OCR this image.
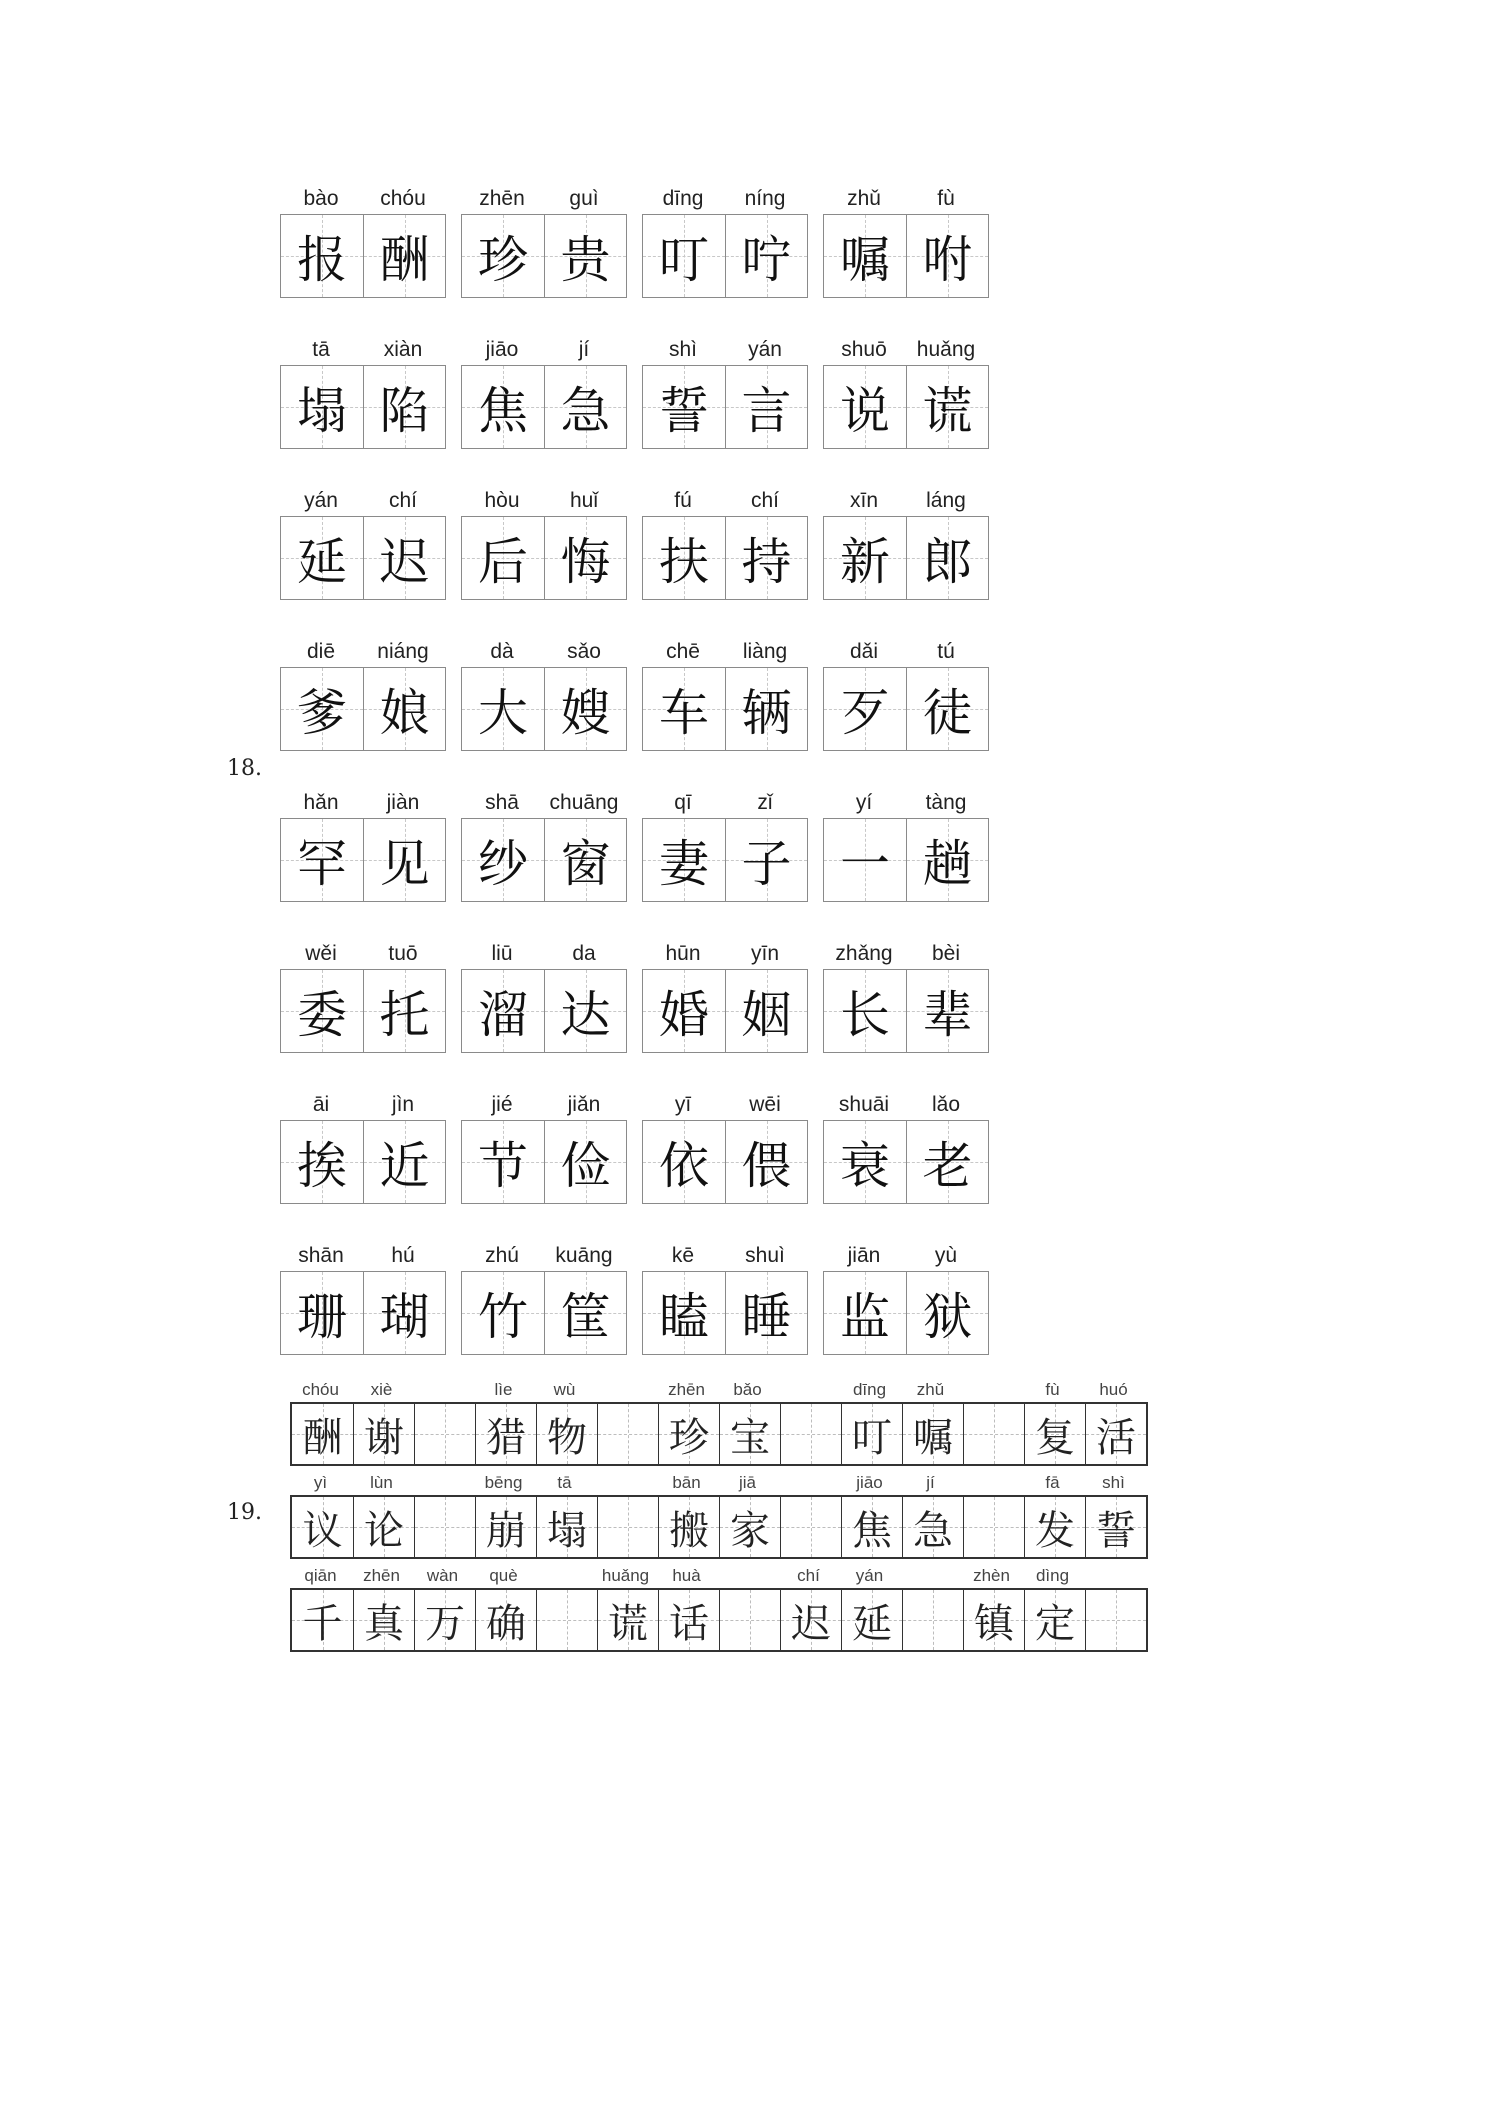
18.
bào	chóu
报 酬
zhēn	guì
珍 贵
dīng	níng
叮 咛
zhǔ	fù
嘱 咐
tā	xiàn
塌 陷
jiāo	jí
焦 急
shì	yán
誓 言
shuō	huǎng
说 谎
yán	chí
延 迟
hòu	huǐ
后 悔
fú	chí
扶 持
xīn	láng
新 郎
diē	niáng
爹 娘
dà	sǎo
大 嫂
chē	liàng
车 辆
dǎi	tú
歹 徒
hǎn	jiàn
罕 见
shā	chuāng
纱 窗
qī	zǐ
妻 子
yí	tàng
一 趟
wěi	tuō
委 托
liū	da
溜 达
hūn	yīn
婚 姻
zhǎng	bèi
长 辈
āi	jìn
挨 近
jié	jiǎn
节 俭
yī	wēi
依 偎
shuāi	lǎo
衰 老
shān	hú
珊 瑚
zhú	kuāng
竹 筐
kē	shuì
瞌 睡
jiān	yù
监 狱
19.
chóu	xiè	lìe	wù	zhēn	bǎo	dīng	zhǔ	fù	huó
酬 谢 猎 物 珍 宝 叮 嘱 复 活
yì	lùn	bēng	tā	bān	jiā	jiāo	jí	fā	shì
议 论 崩 塌 搬 家 焦 急 发 誓
qiān	zhēn	wàn	què	huǎng	huà	chí	yán	zhèn	dìng
千 真 万 确 谎 话 迟 延 镇 定
